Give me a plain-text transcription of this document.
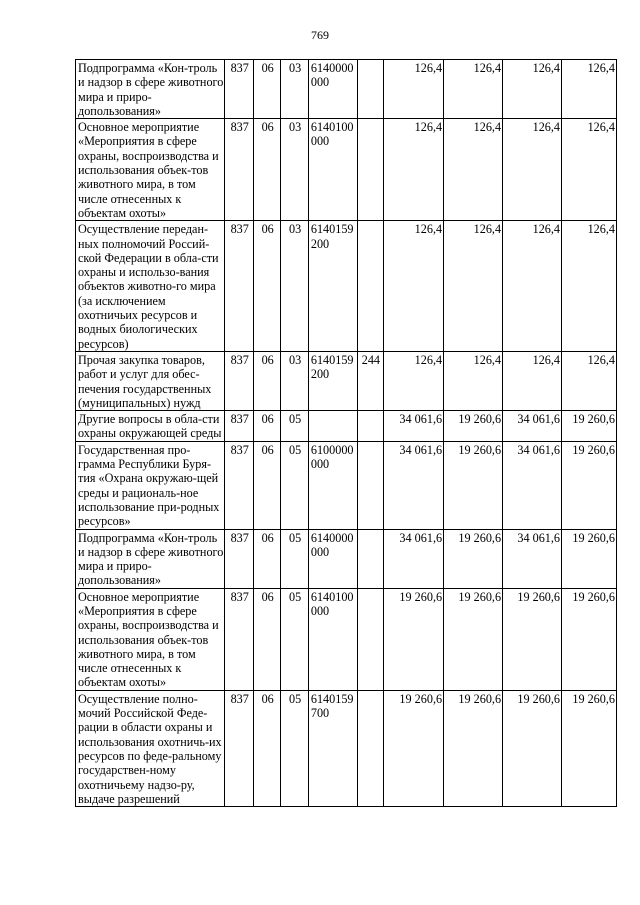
769
Подпрограмма «Кон-троль и надзор в сфере животного мира и приро-допользования»	837	06	03	6140000000		126,4	126,4	126,4	126,4
Основное мероприятие «Мероприятия в сфере охраны, воспроизводства и использования объек-тов животного мира, в том числе отнесенных к объектам охоты»	837	06	03	6140100000		126,4	126,4	126,4	126,4
Осуществление передан-ных полномочий Россий-ской Федерации в обла-сти охраны и использо-вания объектов животно-го мира (за исключением охотничьих ресурсов и водных биологических ресурсов)	837	06	03	6140159200		126,4	126,4	126,4	126,4
Прочая закупка товаров, работ и услуг для обес-печения государственных (муниципальных) нужд	837	06	03	6140159200	244	126,4	126,4	126,4	126,4
Другие вопросы в обла-сти охраны окружающей среды	837	06	05			34 061,6	19 260,6	34 061,6	19 260,6
Государственная про-грамма Республики Буря-тия «Охрана окружаю-щей среды и рациональ-ное использование при-родных ресурсов»	837	06	05	6100000000		34 061,6	19 260,6	34 061,6	19 260,6
Подпрограмма «Кон-троль и надзор в сфере животного мира и приро-допользования»	837	06	05	6140000000		34 061,6	19 260,6	34 061,6	19 260,6
Основное мероприятие «Мероприятия в сфере охраны, воспроизводства и использования объек-тов животного мира, в том числе отнесенных к объектам охоты»	837	06	05	6140100000		19 260,6	19 260,6	19 260,6	19 260,6
Осуществление полно-мочий Российской Феде-рации в области охраны и использования охотничь-их ресурсов по феде-ральному государствен-ному охотничьему надзо-ру, выдаче разрешений	837	06	05	6140159700		19 260,6	19 260,6	19 260,6	19 260,6
